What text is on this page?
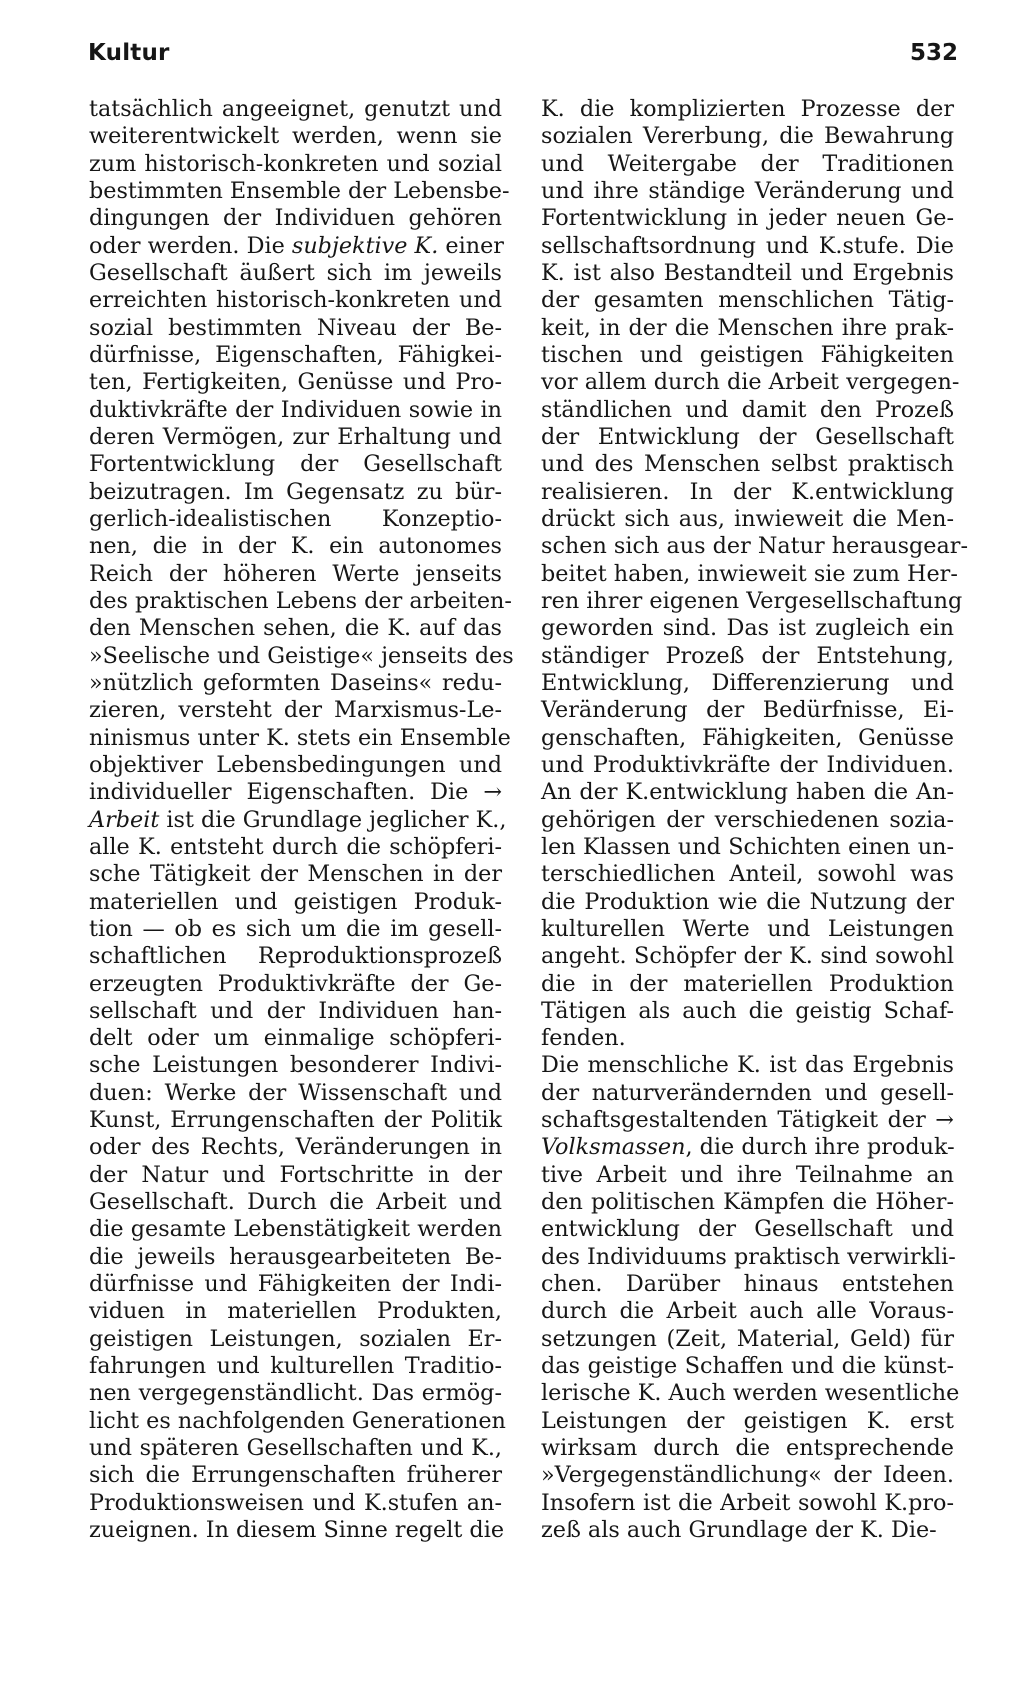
Kultur	532
tatsächlich angeeignet, genutzt und
weiterentwickelt werden, wenn sie
zum historisch-konkreten und sozial
bestimmten Ensemble der Lebensbe-
dingungen der Individuen gehören
oder werden. Die subjektive K. einer
Gesellschaft äußert sich im jeweils
erreichten historisch-konkreten und
sozial bestimmten Niveau der Be-
dürfnisse, Eigenschaften, Fähigkei-
ten, Fertigkeiten, Genüsse und Pro-
duktivkräfte der Individuen sowie in
deren Vermögen, zur Erhaltung und
Fortentwicklung der Gesellschaft
beizutragen. Im Gegensatz zu bür-
gerlich-idealistischen Konzeptio-
nen, die in der K. ein autonomes
Reich der höheren Werte jenseits
des praktischen Lebens der arbeiten-
den Menschen sehen, die K. auf das
»Seelische und Geistige« jenseits des
»nützlich geformten Daseins« redu-
zieren, versteht der Marxismus-Le-
ninismus unter K. stets ein Ensemble
objektiver Lebensbedingungen und
individueller Eigenschaften. Die →
Arbeit ist die Grundlage jeglicher K.,
alle K. entsteht durch die schöpferi-
sche Tätigkeit der Menschen in der
materiellen und geistigen Produk-
tion — ob es sich um die im gesell-
schaftlichen Reproduktionsprozeß
erzeugten Produktivkräfte der Ge-
sellschaft und der Individuen han-
delt oder um einmalige schöpferi-
sche Leistungen besonderer Indivi-
duen: Werke der Wissenschaft und
Kunst, Errungenschaften der Politik
oder des Rechts, Veränderungen in
der Natur und Fortschritte in der
Gesellschaft. Durch die Arbeit und
die gesamte Lebenstätigkeit werden
die jeweils herausgearbeiteten Be-
dürfnisse und Fähigkeiten der Indi-
viduen in materiellen Produkten,
geistigen Leistungen, sozialen Er-
fahrungen und kulturellen Traditio-
nen vergegenständlicht. Das ermög-
licht es nachfolgenden Generationen
und späteren Gesellschaften und K.,
sich die Errungenschaften früherer
Produktionsweisen und K.stufen an-
zueignen. In diesem Sinne regelt die
K. die komplizierten Prozesse der
sozialen Vererbung, die Bewahrung
und Weitergabe der Traditionen
und ihre ständige Veränderung und
Fortentwicklung in jeder neuen Ge-
sellschaftsordnung und K.stufe. Die
K. ist also Bestandteil und Ergebnis
der gesamten menschlichen Tätig-
keit, in der die Menschen ihre prak-
tischen und geistigen Fähigkeiten
vor allem durch die Arbeit vergegen-
ständlichen und damit den Prozeß
der Entwicklung der Gesellschaft
und des Menschen selbst praktisch
realisieren. In der K.entwicklung
drückt sich aus, inwieweit die Men-
schen sich aus der Natur herausgear-
beitet haben, inwieweit sie zum Her-
ren ihrer eigenen Vergesellschaftung
geworden sind. Das ist zugleich ein
ständiger Prozeß der Entstehung,
Entwicklung, Differenzierung und
Veränderung der Bedürfnisse, Ei-
genschaften, Fähigkeiten, Genüsse
und Produktivkräfte der Individuen.
An der K.entwicklung haben die An-
gehörigen der verschiedenen sozia-
len Klassen und Schichten einen un-
terschiedlichen Anteil, sowohl was
die Produktion wie die Nutzung der
kulturellen Werte und Leistungen
angeht. Schöpfer der K. sind sowohl
die in der materiellen Produktion
Tätigen als auch die geistig Schaf-
fenden.
Die menschliche K. ist das Ergebnis
der naturverändernden und gesell-
schaftsgestaltenden Tätigkeit der →
Volksmassen, die durch ihre produk-
tive Arbeit und ihre Teilnahme an
den politischen Kämpfen die Höher-
entwicklung der Gesellschaft und
des Individuums praktisch verwirkli-
chen. Darüber hinaus entstehen
durch die Arbeit auch alle Voraus-
setzungen (Zeit, Material, Geld) für
das geistige Schaffen und die künst-
lerische K. Auch werden wesentliche
Leistungen der geistigen K. erst
wirksam durch die entsprechende
»Vergegenständlichung« der Ideen.
Insofern ist die Arbeit sowohl K.pro-
zeß als auch Grundlage der K. Die-
